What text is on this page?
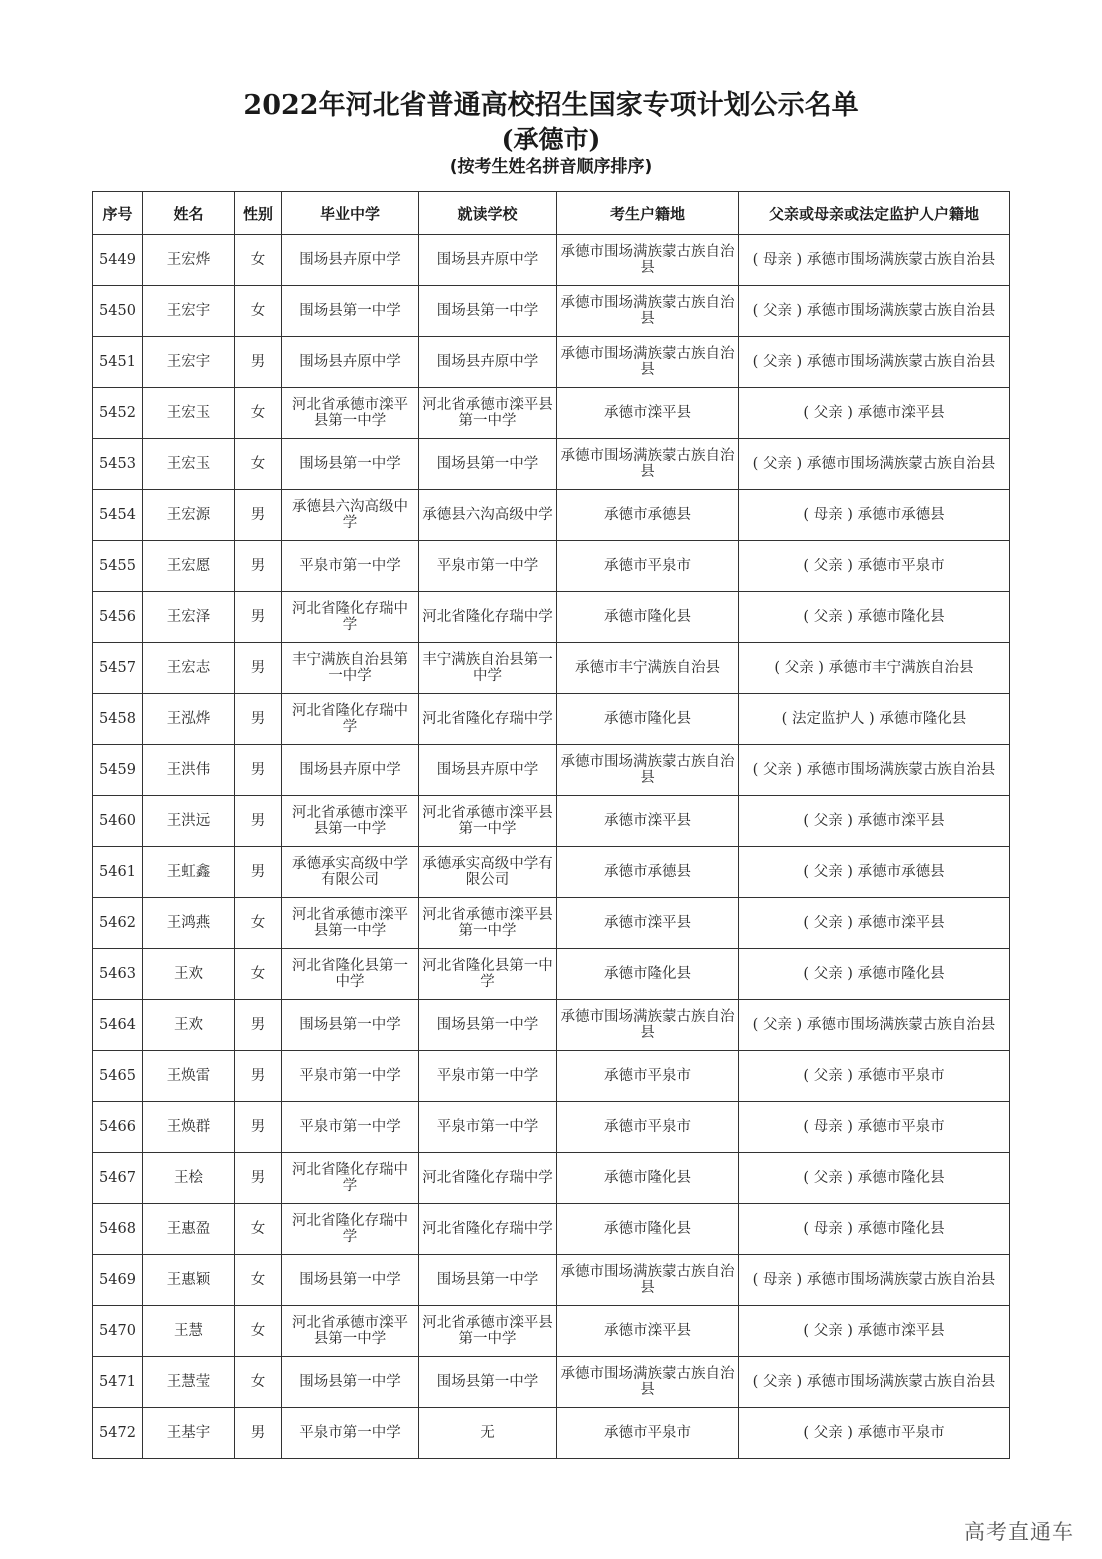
2022年河北省普通高校招生国家专项计划公示名单
(承德市)
(按考生姓名拼音顺序排序)
序号	姓名	性别	毕业中学	就读学校	考生户籍地	父亲或母亲或法定监护人户籍地
5449	王宏烨	女	围场县卉原中学	围场县卉原中学	承德市围场满族蒙古族自治县	( 母亲 ) 承德市围场满族蒙古族自治县
5450	王宏宇	女	围场县第一中学	围场县第一中学	承德市围场满族蒙古族自治县	( 父亲 ) 承德市围场满族蒙古族自治县
5451	王宏宇	男	围场县卉原中学	围场县卉原中学	承德市围场满族蒙古族自治县	( 父亲 ) 承德市围场满族蒙古族自治县
5452	王宏玉	女	河北省承德市滦平县第一中学	河北省承德市滦平县第一中学	承德市滦平县	( 父亲 ) 承德市滦平县
5453	王宏玉	女	围场县第一中学	围场县第一中学	承德市围场满族蒙古族自治县	( 父亲 ) 承德市围场满族蒙古族自治县
5454	王宏源	男	承德县六沟高级中学	承德县六沟高级中学	承德市承德县	( 母亲 ) 承德市承德县
5455	王宏愿	男	平泉市第一中学	平泉市第一中学	承德市平泉市	( 父亲 ) 承德市平泉市
5456	王宏泽	男	河北省隆化存瑞中学	河北省隆化存瑞中学	承德市隆化县	( 父亲 ) 承德市隆化县
5457	王宏志	男	丰宁满族自治县第一中学	丰宁满族自治县第一中学	承德市丰宁满族自治县	( 父亲 ) 承德市丰宁满族自治县
5458	王泓烨	男	河北省隆化存瑞中学	河北省隆化存瑞中学	承德市隆化县	( 法定监护人 ) 承德市隆化县
5459	王洪伟	男	围场县卉原中学	围场县卉原中学	承德市围场满族蒙古族自治县	( 父亲 ) 承德市围场满族蒙古族自治县
5460	王洪远	男	河北省承德市滦平县第一中学	河北省承德市滦平县第一中学	承德市滦平县	( 父亲 ) 承德市滦平县
5461	王虹鑫	男	承德承实高级中学有限公司	承德承实高级中学有限公司	承德市承德县	( 父亲 ) 承德市承德县
5462	王鸿燕	女	河北省承德市滦平县第一中学	河北省承德市滦平县第一中学	承德市滦平县	( 父亲 ) 承德市滦平县
5463	王欢	女	河北省隆化县第一中学	河北省隆化县第一中学	承德市隆化县	( 父亲 ) 承德市隆化县
5464	王欢	男	围场县第一中学	围场县第一中学	承德市围场满族蒙古族自治县	( 父亲 ) 承德市围场满族蒙古族自治县
5465	王焕雷	男	平泉市第一中学	平泉市第一中学	承德市平泉市	( 父亲 ) 承德市平泉市
5466	王焕群	男	平泉市第一中学	平泉市第一中学	承德市平泉市	( 母亲 ) 承德市平泉市
5467	王桧	男	河北省隆化存瑞中学	河北省隆化存瑞中学	承德市隆化县	( 父亲 ) 承德市隆化县
5468	王惠盈	女	河北省隆化存瑞中学	河北省隆化存瑞中学	承德市隆化县	( 母亲 ) 承德市隆化县
5469	王惠颖	女	围场县第一中学	围场县第一中学	承德市围场满族蒙古族自治县	( 母亲 ) 承德市围场满族蒙古族自治县
5470	王慧	女	河北省承德市滦平县第一中学	河北省承德市滦平县第一中学	承德市滦平县	( 父亲 ) 承德市滦平县
5471	王慧莹	女	围场县第一中学	围场县第一中学	承德市围场满族蒙古族自治县	( 父亲 ) 承德市围场满族蒙古族自治县
5472	王基宇	男	平泉市第一中学	无	承德市平泉市	( 父亲 ) 承德市平泉市
高考直通车
